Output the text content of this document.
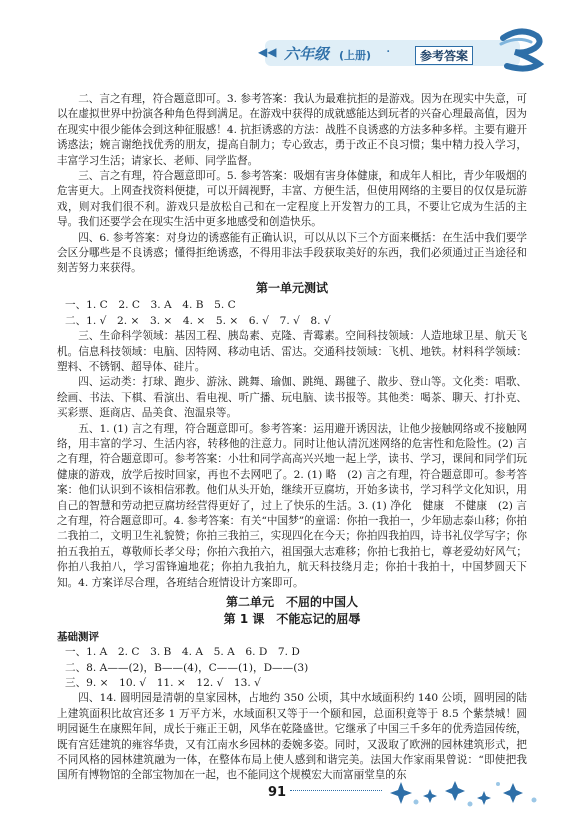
◀◀ 六年级 (上册) ·	参考答案

二、言之有理，符合题意即可。3. 参考答案：我认为最难抗拒的是游戏。因为在现实中失意，可以在虚拟世界中扮演各种角色得到满足。在游戏中获得的成就感能达到玩者的兴奋心理最高值，因为在现实中很少能体会到这种征服感！4. 抗拒诱惑的方法：战胜不良诱惑的方法多种多样。主要有避开诱惑法；婉言谢绝找优秀的朋友，提高自制力；专心致志，勇于改正不良习惯；集中精力投入学习，丰富学习生活；请家长、老师、同学监督。

三、言之有理，符合题意即可。5. 参考答案：吸烟有害身体健康，和成年人相比，青少年吸烟的危害更大。上网查找资料便捷，可以开阔视野，丰富、方便生活，但使用网络的主要目的仅仅是玩游戏，则对我们很不利。游戏只是放松自己和在一定程度上开发智力的工具，不要让它成为生活的主导。我们还要学会在现实生活中更多地感受和创造快乐。

四、6. 参考答案：对身边的诱惑能有正确认识，可以从以下三个方面来概括：在生活中我们要学会区分哪些是不良诱惑；懂得拒绝诱惑，不得用非法手段获取美好的东西，我们必须通过正当途径和刻苦努力来获得。

第一单元测试

一、1. C　2. C　3. A　4. B　5. C

二、1. √　2. ×　3. ×　4. ×　5. ×　6. √　7. √　8. √

三、生命科学领域：基因工程、胰岛素、克隆、青霉素。空间科技领域：人造地球卫星、航天飞机。信息科技领域：电脑、因特网、移动电话、雷达。交通科技领域：飞机、地铁。材料科学领域：塑料、不锈钢、超导体、硅片。

四、运动类：打球、跑步、游泳、跳舞、瑜伽、跳绳、踢毽子、散步、登山等。文化类：唱歌、绘画、书法、下棋、看演出、看电视、听广播、玩电脑、读书报等。其他类：喝茶、聊天、打扑克、买彩票、逛商店、品美食、泡温泉等。

五、1. (1) 言之有理，符合题意即可。参考答案：运用避开诱因法，让他少接触网络或不接触网络，用丰富的学习、生活内容，转移他的注意力。同时让他认清沉迷网络的危害性和危险性。(2) 言之有理，符合题意即可。参考答案：小壮和同学高高兴兴地一起上学，读书、学习，课间和同学们玩健康的游戏，放学后按时回家，再也不去网吧了。2. (1) 略　(2) 言之有理，符合题意即可。参考答案：他们认识到不该相信邪教。他们从头开始，继续开豆腐坊，开始多读书，学习科学文化知识，用自己的智慧和劳动把豆腐坊经营得更好了，过上了快乐的生活。3. (1) 净化　健康　不健康　(2) 言之有理，符合题意即可。4. 参考答案：有关“中国梦”的童谣：你拍一我拍一，少年励志泰山移；你拍二我拍二，文明卫生礼貌赞；你拍三我拍三，实现四化在今天；你拍四我拍四，诗书礼仪学写字；你拍五我拍五，尊敬师长孝父母；你拍六我拍六，祖国强大志难移；你拍七我拍七，尊老爱幼好风气；你拍八我拍八，学习雷锋遍地花；你拍九我拍九，航天科技绕月走；你拍十我拍十，中国梦圆天下知。4. 方案详尽合理，各班结合班情设计方案即可。

第二单元　不屈的中国人
第 1 课　不能忘记的屈辱
基础测评

一、1. A　2. C　3. B　4. A　5. A　6. D　7. D

二、8. A——(2)，B——(4)，C——(1)，D——(3)

三、9. ×　10. √　11. ×　12. √　13. √

四、14. 圆明园是清朝的皇家园林，占地约 350 公顷，其中水域面积约 140 公顷，圆明园的陆上建筑面积比故宫还多 1 万平方米，水域面积又等于一个颐和园，总面积竟等于 8.5 个紫禁城！圆明园诞生在康熙年间，成长于雍正王朝，风华在乾隆盛世。它继承了中国三千多年的优秀造园传统，既有宫廷建筑的雍容华贵，又有江南水乡园林的委婉多姿。同时，又汲取了欧洲的园林建筑形式，把不同风格的园林建筑融为一体，在整体布局上使人感到和谐完美。法国大作家雨果曾说：“即使把我国所有博物馆的全部宝物加在一起，也不能同这个规模宏大而富丽堂皇的东

91
